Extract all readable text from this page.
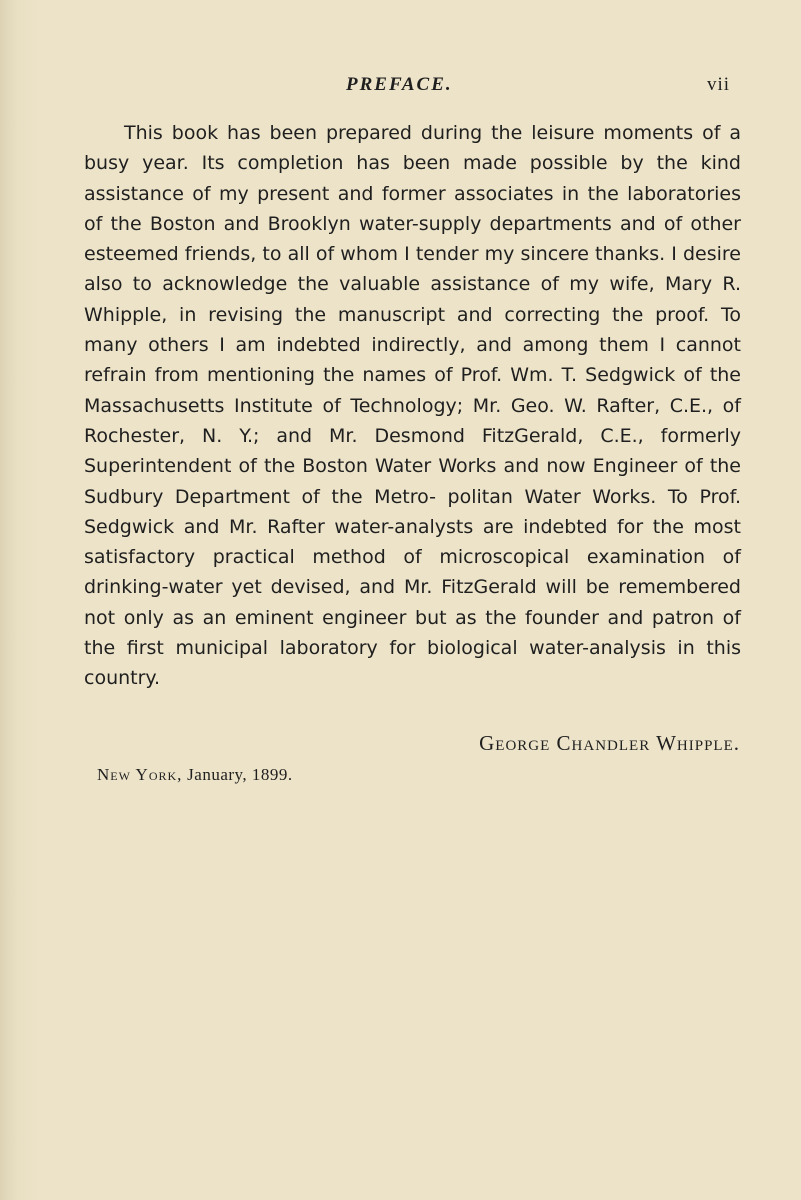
PREFACE.	vii

This book has been prepared during the leisure moments of a busy year. Its completion has been made possible by the kind assistance of my present and former associates in the laboratories of the Boston and Brooklyn water-supply departments and of other esteemed friends, to all of whom I tender my sincere thanks. I desire also to acknowledge the valuable assistance of my wife, Mary R. Whipple, in revising the manuscript and correcting the proof. To many others I am indebted indirectly, and among them I cannot refrain from mentioning the names of Prof. Wm. T. Sedgwick of the Massachusetts Institute of Technology; Mr. Geo. W. Rafter, C.E., of Rochester, N. Y.; and Mr. Desmond FitzGerald, C.E., formerly Superintendent of the Boston Water Works and now Engineer of the Sudbury Department of the Metro- politan Water Works. To Prof. Sedgwick and Mr. Rafter water-analysts are indebted for the most satisfactory practical method of microscopical examination of drinking-water yet devised, and Mr. FitzGerald will be remembered not only as an eminent engineer but as the founder and patron of the first municipal laboratory for biological water-analysis in this country.

George Chandler Whipple.
New York, January, 1899.
